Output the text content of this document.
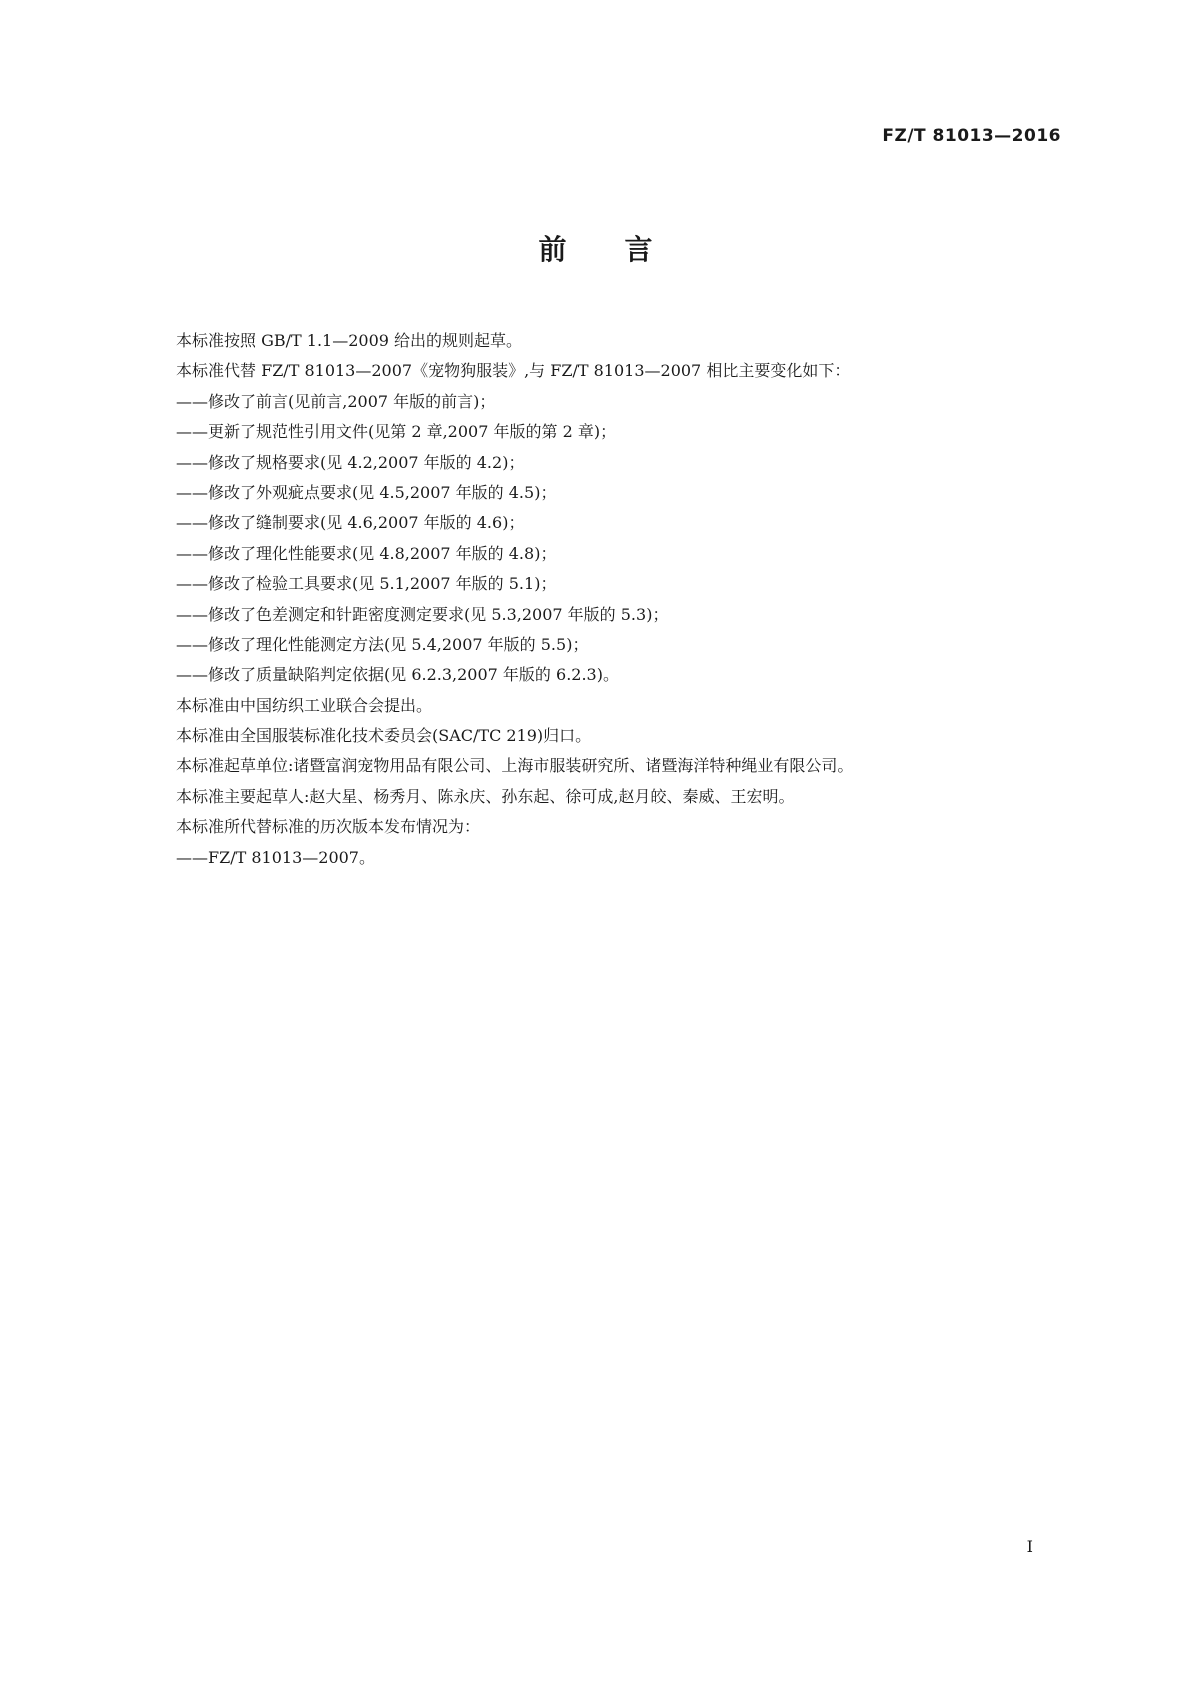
FZ/T 81013—2016
前言
本标准按照 GB/T 1.1—2009 给出的规则起草。
本标准代替 FZ/T 81013—2007《宠物狗服装》,与 FZ/T 81013—2007 相比主要变化如下：
——修改了前言(见前言,2007 年版的前言)；
——更新了规范性引用文件(见第 2 章,2007 年版的第 2 章)；
——修改了规格要求(见 4.2,2007 年版的 4.2)；
——修改了外观疵点要求(见 4.5,2007 年版的 4.5)；
——修改了缝制要求(见 4.6,2007 年版的 4.6)；
——修改了理化性能要求(见 4.8,2007 年版的 4.8)；
——修改了检验工具要求(见 5.1,2007 年版的 5.1)；
——修改了色差测定和针距密度测定要求(见 5.3,2007 年版的 5.3)；
——修改了理化性能测定方法(见 5.4,2007 年版的 5.5)；
——修改了质量缺陷判定依据(见 6.2.3,2007 年版的 6.2.3)。
本标准由中国纺织工业联合会提出。
本标准由全国服装标准化技术委员会(SAC/TC 219)归口。
本标准起草单位:诸暨富润宠物用品有限公司、上海市服装研究所、诸暨海洋特种绳业有限公司。
本标准主要起草人:赵大星、杨秀月、陈永庆、孙东起、徐可成,赵月皎、秦威、王宏明。
本标准所代替标准的历次版本发布情况为：
——FZ/T 81013—2007。
I
